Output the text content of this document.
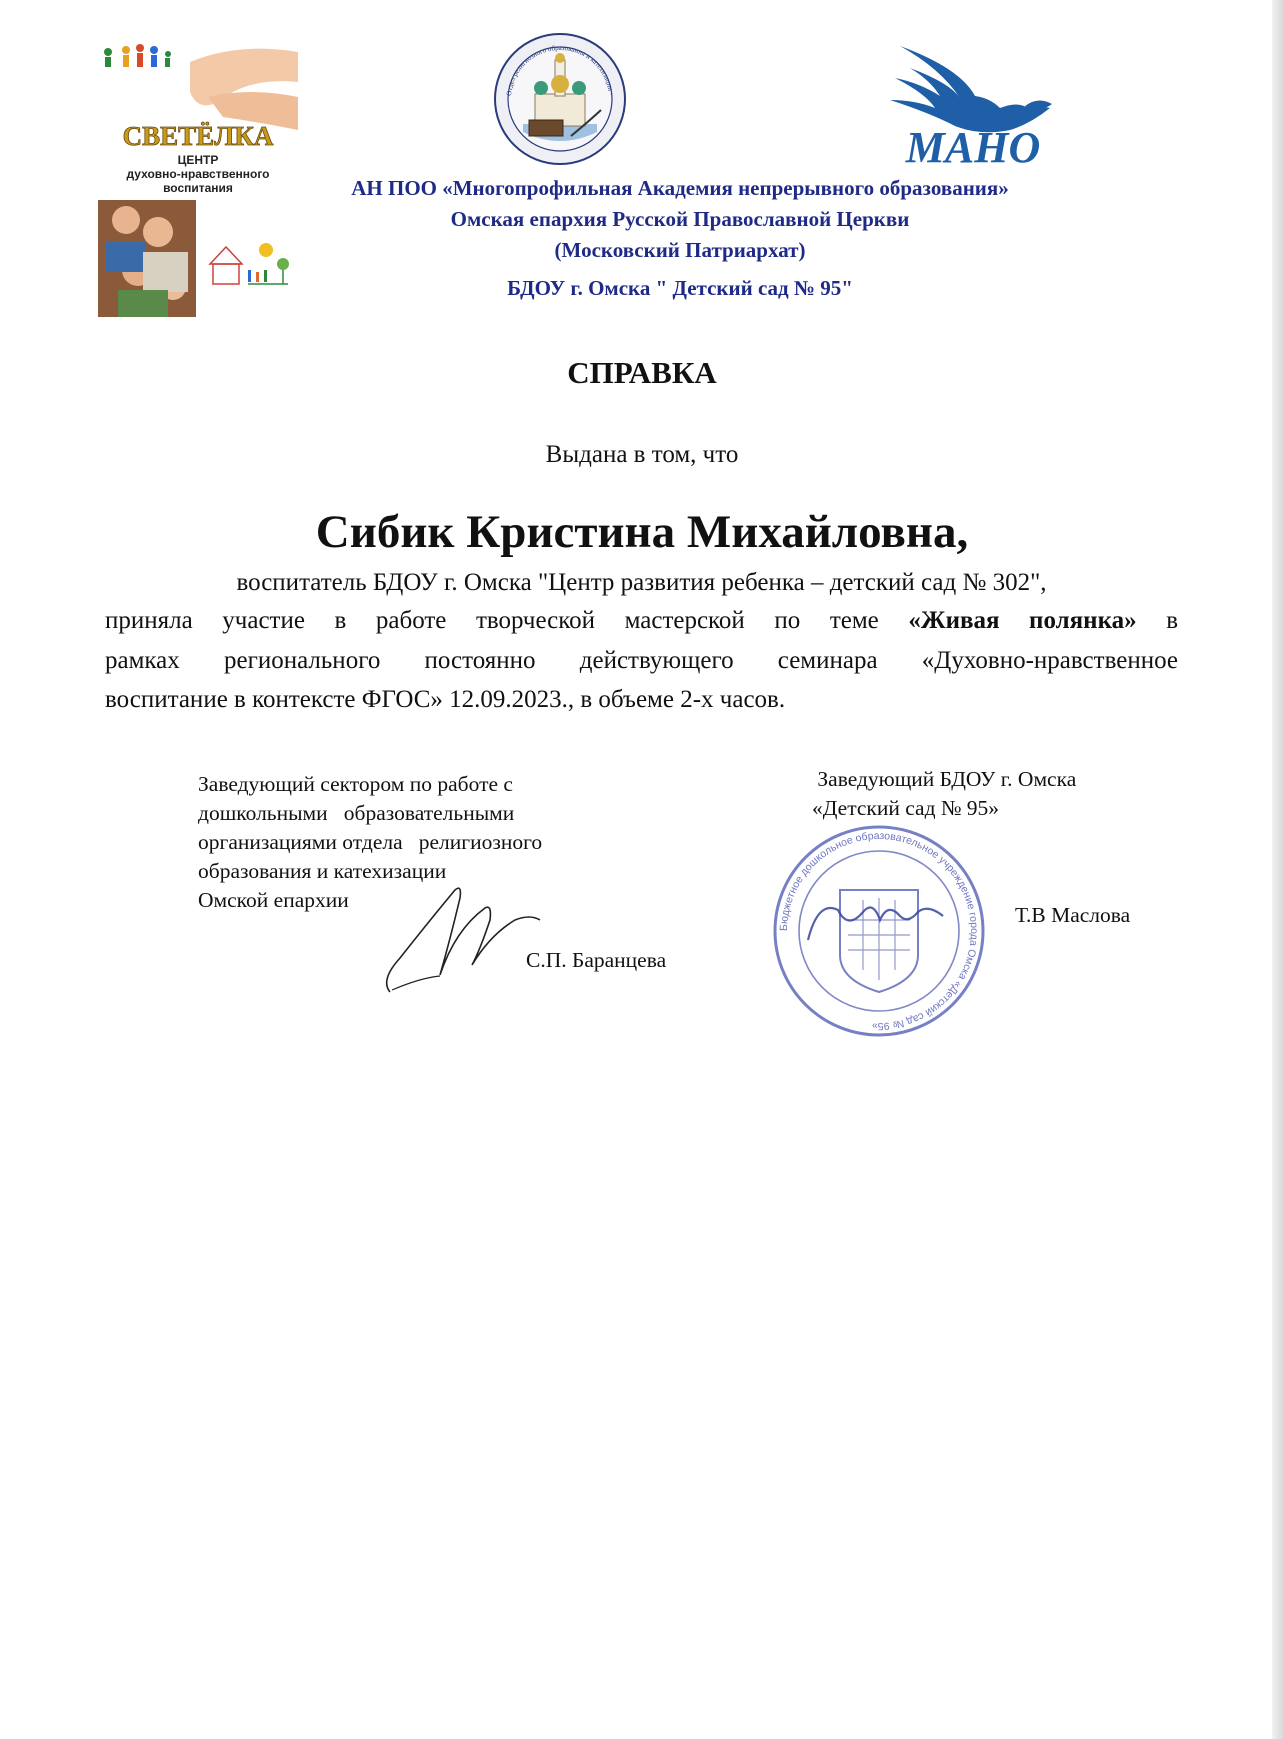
СВЕТЁЛКА
ЦЕНТР
духовно-нравственного
воспитания
Отдел религиозного образования и катехизации ·
МАНО
АН ПОО «Многопрофильная Академия непрерывного образования»
Омская епархия Русской Православной Церкви
(Московский Патриархат)
БДОУ г. Омска " Детский сад № 95"
СПРАВКА
Выдана в том, что
Сибик Кристина Михайловна,
воспитатель БДОУ г. Омска "Центр развития ребенка – детский сад № 302",
приняла участие в работе творческой мастерской по теме «Живая полянка» в
рамках регионального постоянно действующего семинара «Духовно-нравственное
воспитание в контексте ФГОС» 12.09.2023., в объеме 2-х часов.
Заведующий сектором по работе с
дошкольными   образовательными
организациями отдела   религиозного
образования и катехизации
Омской епархии
С.П. Баранцева
Заведующий БДОУ г. Омска
«Детский сад № 95»
Бюджетное дошкольное образовательное учреждение города Омска «Детский сад № 95»
Т.В Маслова
